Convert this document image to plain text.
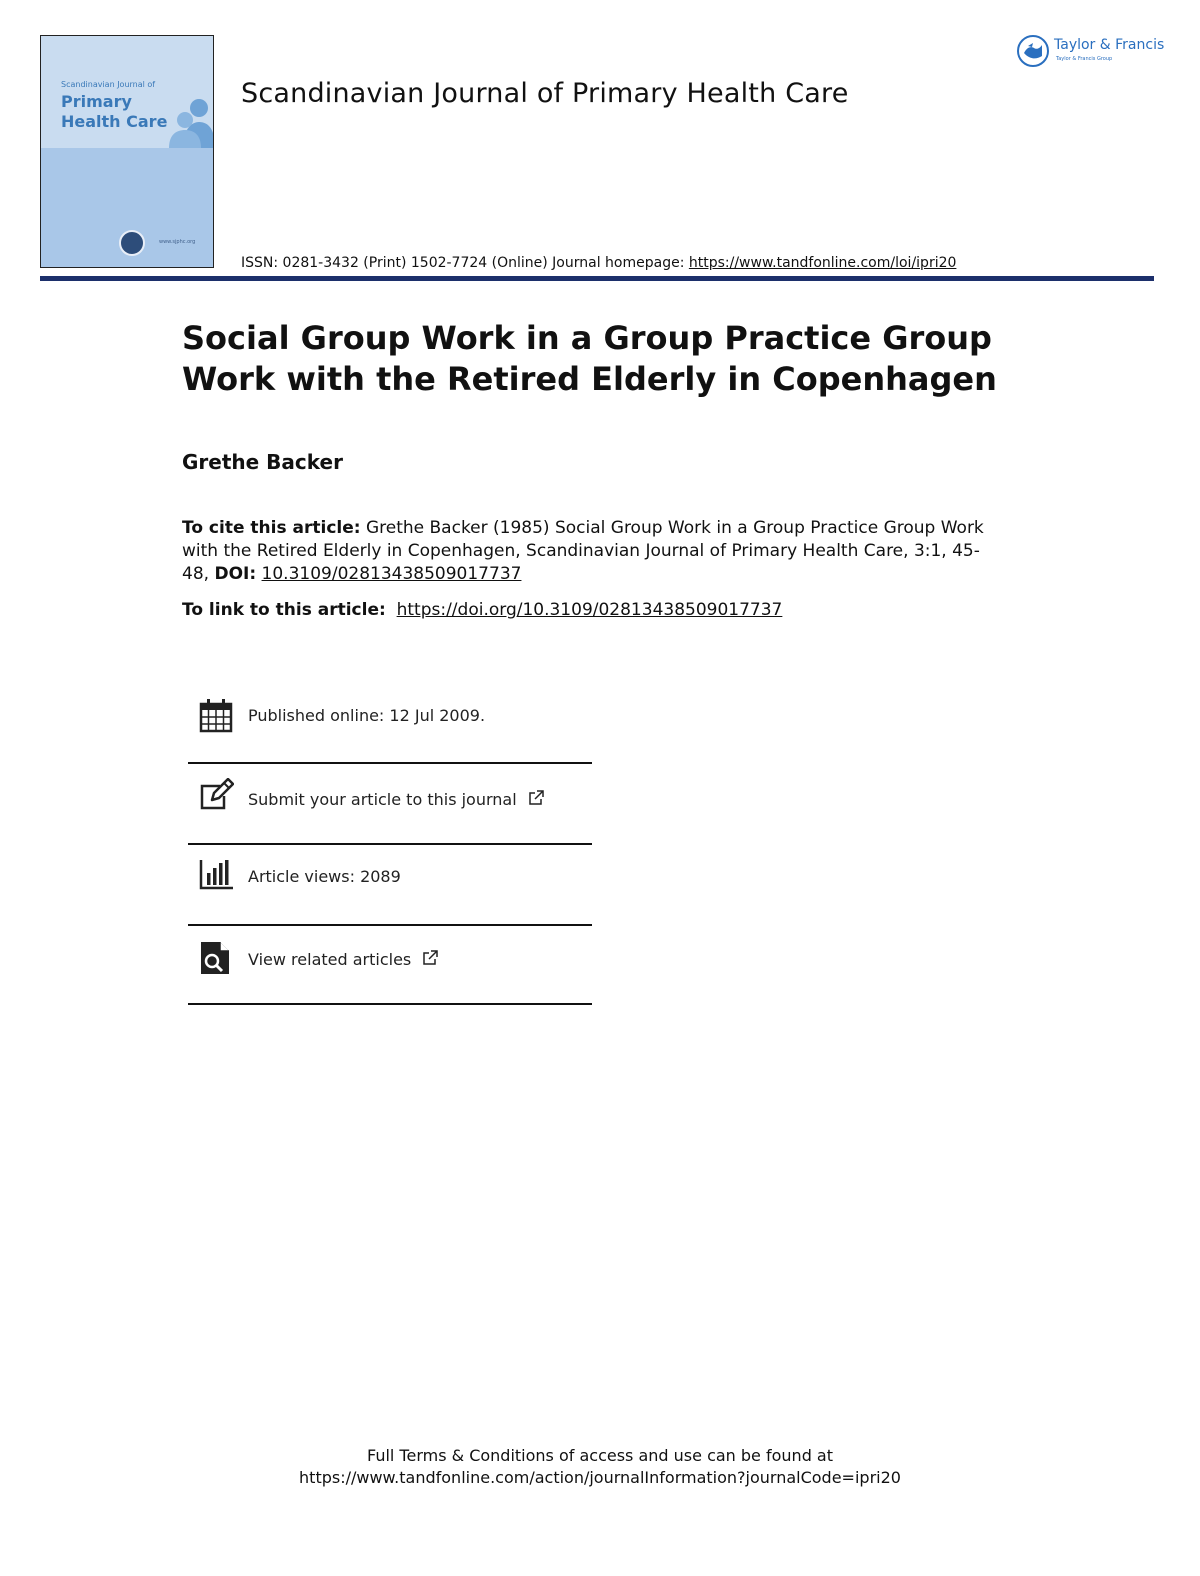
Scandinavian Journal of
Primary
Health Care
www.sjphc.org
Scandinavian Journal of Primary Health Care
Taylor & Francis
Taylor & Francis Group
ISSN: 0281-3432 (Print) 1502-7724 (Online) Journal homepage: https://www.tandfonline.com/loi/ipri20
Social Group Work in a Group Practice Group Work with the Retired Elderly in Copenhagen
Grethe Backer
To cite this article: Grethe Backer (1985) Social Group Work in a Group Practice Group Work with the Retired Elderly in Copenhagen, Scandinavian Journal of Primary Health Care, 3:1, 45-48, DOI: 10.3109/02813438509017737
To link to this article: https://doi.org/10.3109/02813438509017737
Published online: 12 Jul 2009.
Submit your article to this journal
Article views: 2089
View related articles
Full Terms & Conditions of access and use can be found at
https://www.tandfonline.com/action/journalInformation?journalCode=ipri20
